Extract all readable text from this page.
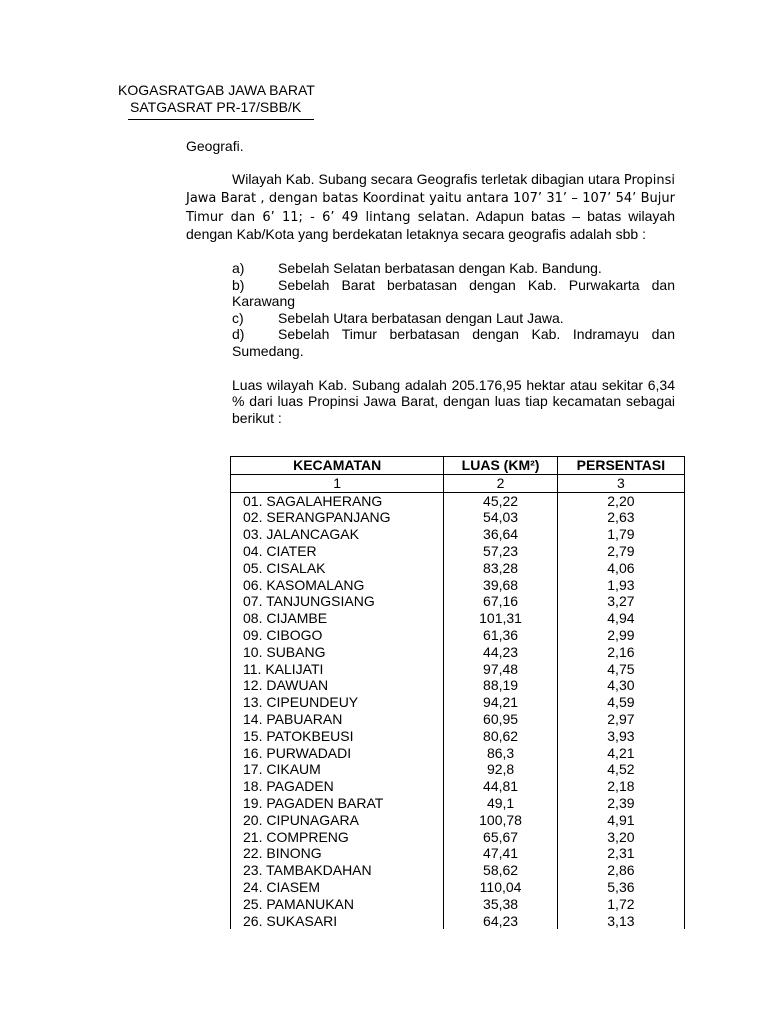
KOGASRATGAB JAWA BARAT
SATGASRAT PR-17/SBB/K
Geografi.

Wilayah Kab. Subang secara Geografis terletak dibagian utara Propinsi Jawa Barat , dengan batas Koordinat yaitu antara 107’ 31’ – 107’ 54’ Bujur Timur dan 6’ 11; - 6’ 49 lintang selatan. Adapun batas – batas wilayah dengan Kab/Kota yang berdekatan letaknya secara geografis adalah sbb :

a)	Sebelah Selatan berbatasan dengan Kab. Bandung.
b)	Sebelah Barat berbatasan dengan Kab. Purwakarta dan
Karawang
c)	Sebelah Utara berbatasan dengan Laut Jawa.
d)	Sebelah Timur berbatasan dengan Kab. Indramayu dan
Sumedang.

Luas wilayah Kab. Subang adalah 205.176,95 hektar atau sekitar 6,34 % dari luas Propinsi Jawa Barat, dengan luas tiap kecamatan sebagai berikut :

KECAMATAN	LUAS (KM²)	PERSENTASI
1	2	3
01. SAGALAHERANG	45,22	2,20
02. SERANGPANJANG	54,03	2,63
03. JALANCAGAK	36,64	1,79
04. CIATER	57,23	2,79
05. CISALAK	83,28	4,06
06. KASOMALANG	39,68	1,93
07. TANJUNGSIANG	67,16	3,27
08. CIJAMBE	101,31	4,94
09. CIBOGO	61,36	2,99
10. SUBANG	44,23	2,16
11. KALIJATI	97,48	4,75
12. DAWUAN	88,19	4,30
13. CIPEUNDEUY	94,21	4,59
14. PABUARAN	60,95	2,97
15. PATOKBEUSI	80,62	3,93
16. PURWADADI	86,3	4,21
17. CIKAUM	92,8	4,52
18. PAGADEN	44,81	2,18
19. PAGADEN BARAT	49,1	2,39
20. CIPUNAGARA	100,78	4,91
21. COMPRENG	65,67	3,20
22. BINONG	47,41	2,31
23. TAMBAKDAHAN	58,62	2,86
24. CIASEM	110,04	5,36
25. PAMANUKAN	35,38	1,72
26. SUKASARI	64,23	3,13
